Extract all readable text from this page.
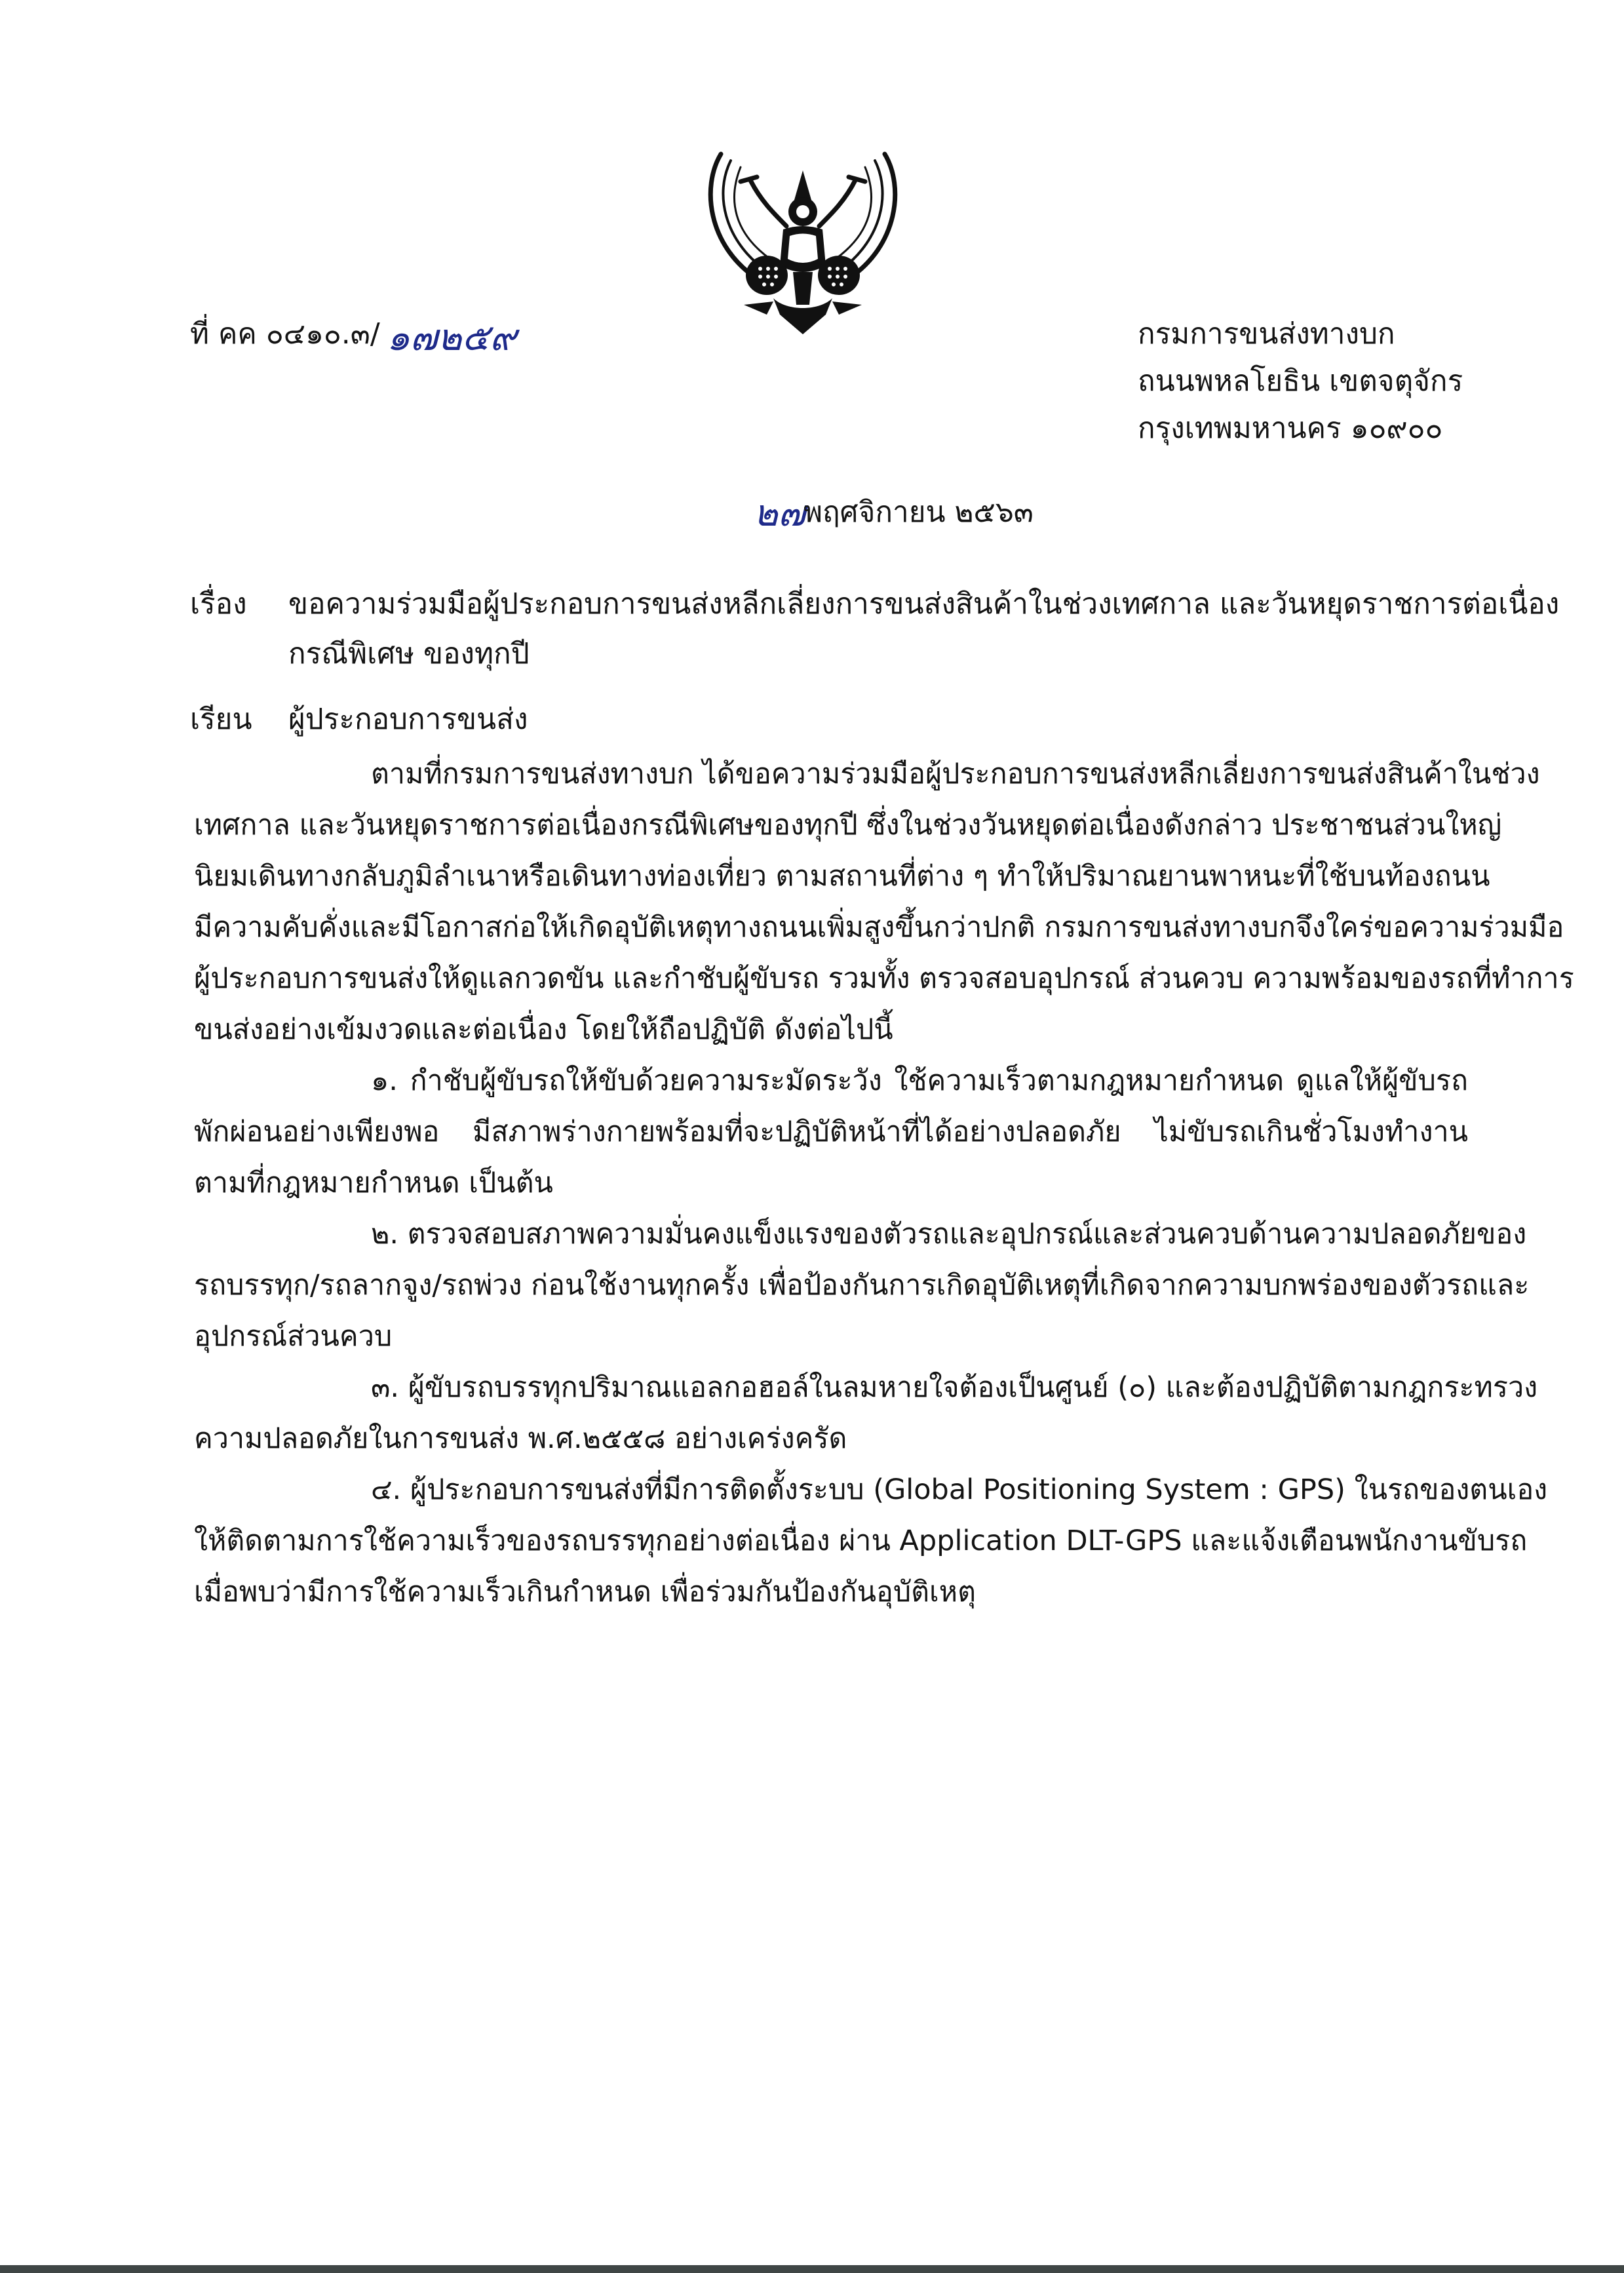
ที่ คค ๐๔๑๐.๓/ ๑๗๒๕๙	กรมการขนส่งทางบก
ถนนพหลโยธิน เขตจตุจักร
กรุงเทพมหานคร ๑๐๙๐๐
๒๗
พฤศจิกายน ๒๕๖๓
เรื่อง ขอความร่วมมือผู้ประกอบการขนส่งหลีกเลี่ยงการขนส่งสินค้าในช่วงเทศกาล และวันหยุดราชการต่อเนื่อง
กรณีพิเศษ ของทุกปี
เรียน ผู้ประกอบการขนส่ง
ตามที่กรมการขนส่งทางบก ได้ขอความร่วมมือผู้ประกอบการขนส่งหลีกเลี่ยงการขนส่งสินค้าในช่วง
เทศกาล และวันหยุดราชการต่อเนื่องกรณีพิเศษของทุกปี ซึ่งในช่วงวันหยุดต่อเนื่องดังกล่าว ประชาชนส่วนใหญ่
นิยมเดินทางกลับภูมิลำเนาหรือเดินทางท่องเที่ยว ตามสถานที่ต่าง ๆ ทำให้ปริมาณยานพาหนะที่ใช้บนท้องถนน
มีความคับคั่งและมีโอกาสก่อให้เกิดอุบัติเหตุทางถนนเพิ่มสูงขึ้นกว่าปกติ กรมการขนส่งทางบกจึงใคร่ขอความร่วมมือ
ผู้ประกอบการขนส่งให้ดูแลกวดขัน และกำชับผู้ขับรถ รวมทั้ง ตรวจสอบอุปกรณ์ ส่วนควบ ความพร้อมของรถที่ทำการ
ขนส่งอย่างเข้มงวดและต่อเนื่อง โดยให้ถือปฏิบัติ ดังต่อไปนี้
๑. กำชับผู้ขับรถให้ขับด้วยความระมัดระวัง ใช้ความเร็วตามกฎหมายกำหนด ดูแลให้ผู้ขับรถ
พักผ่อนอย่างเพียงพอ มีสภาพร่างกายพร้อมที่จะปฏิบัติหน้าที่ได้อย่างปลอดภัย ไม่ขับรถเกินชั่วโมงทำงาน
ตามที่กฎหมายกำหนด เป็นต้น
๒. ตรวจสอบสภาพความมั่นคงแข็งแรงของตัวรถและอุปกรณ์และส่วนควบด้านความปลอดภัยของ
รถบรรทุก/รถลากจูง/รถพ่วง ก่อนใช้งานทุกครั้ง เพื่อป้องกันการเกิดอุบัติเหตุที่เกิดจากความบกพร่องของตัวรถและ
อุปกรณ์ส่วนควบ
๓. ผู้ขับรถบรรทุกปริมาณแอลกอฮอล์ในลมหายใจต้องเป็นศูนย์ (๐) และต้องปฏิบัติตามกฎกระทรวง
ความปลอดภัยในการขนส่ง พ.ศ.๒๕๕๘ อย่างเคร่งครัด
๔. ผู้ประกอบการขนส่งที่มีการติดตั้งระบบ (Global Positioning System : GPS) ในรถของตนเอง
ให้ติดตามการใช้ความเร็วของรถบรรทุกอย่างต่อเนื่อง ผ่าน Application DLT-GPS และแจ้งเตือนพนักงานขับรถ
เมื่อพบว่ามีการใช้ความเร็วเกินกำหนด เพื่อร่วมกันป้องกันอุบัติเหตุ
